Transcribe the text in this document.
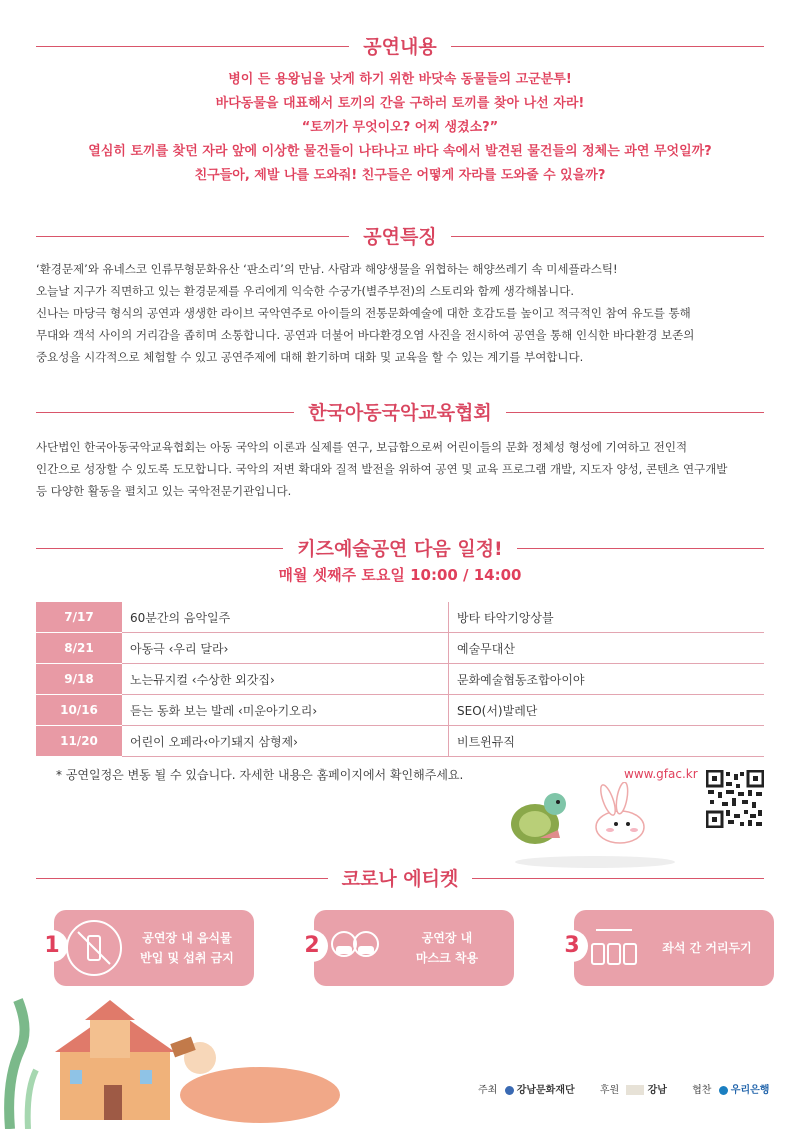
공연내용
병이 든 용왕님을 낫게 하기 위한 바닷속 동물들의 고군분투!
바다동물을 대표해서 토끼의 간을 구하러 토끼를 찾아 나선 자라!
“토끼가 무엇이오? 어찌 생겼소?”
열심히 토끼를 찾던 자라 앞에 이상한 물건들이 나타나고 바다 속에서 발견된 물건들의 정체는 과연 무엇일까?
친구들아, 제발 나를 도와줘! 친구들은 어떻게 자라를 도와줄 수 있을까?
공연특징
‘환경문제’와 유네스코 인류무형문화유산 ‘판소리’의 만남. 사람과 해양생물을 위협하는 해양쓰레기 속 미세플라스틱!
오늘날 지구가 직면하고 있는 환경문제를 우리에게 익숙한 수궁가(별주부전)의 스토리와 함께 생각해봅니다.
신나는 마당극 형식의 공연과 생생한 라이브 국악연주로 아이들의 전통문화예술에 대한 호감도를 높이고 적극적인 참여 유도를 통해
무대와 객석 사이의 거리감을 좁히며 소통합니다. 공연과 더불어 바다환경오염 사진을 전시하여 공연을 통해 인식한 바다환경 보존의
중요성을 시각적으로 체험할 수 있고 공연주제에 대해 환기하며 대화 및 교육을 할 수 있는 계기를 부여합니다.
한국아동국악교육협회
사단법인 한국아동국악교육협회는 아동 국악의 이론과 실제를 연구, 보급함으로써 어린이들의 문화 정체성 형성에 기여하고 전인적
인간으로 성장할 수 있도록 도모합니다. 국악의 저변 확대와 질적 발전을 위하여 공연 및 교육 프로그램 개발, 지도자 양성, 콘텐츠 연구개발
등 다양한 활동을 펼치고 있는 국악전문기관입니다.
키즈예술공연 다음 일정!
매월 셋째주 토요일 10:00 / 14:00
7/17	60분간의 음악일주	방타 타악기앙상블
8/21	아동극 ‹우리 달라›	예술무대산
9/18	노는뮤지컬 ‹수상한 외갓집›	문화예술협동조합아이야
10/16	듣는 동화 보는 발레 ‹미운아기오리›	SEO(서)발레단
11/20	어린이 오페라‹아기돼지 삼형제›	비트윈뮤직
* 공연일정은 변동 될 수 있습니다. 자세한 내용은 홈페이지에서 확인해주세요.	www.gfac.kr
코로나 에티켓
1	공연장 내 음식물
반입 및 섭취 금지	2	공연장 내
마스크 착용	3	좌석 간 거리두기
주최 강남문화재단	후원	강남	협찬 우리은행
